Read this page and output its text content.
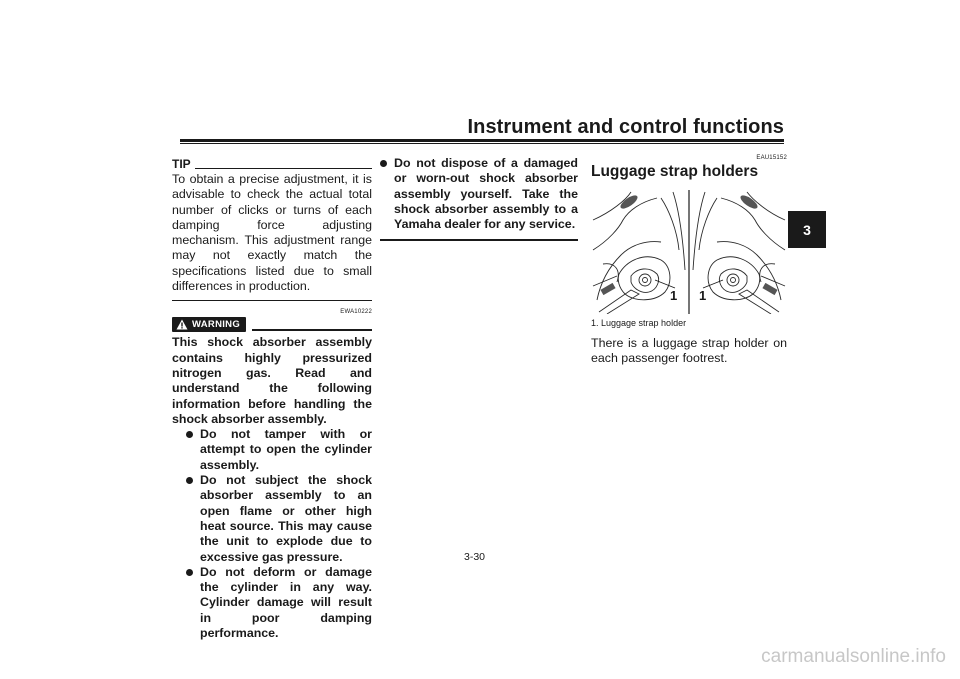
Instrument and control functions
3
TIP
To obtain a precise adjustment, it is advisable to check the actual total number of clicks or turns of each damping force adjusting mechanism. This adjustment range may not exactly match the specifications listed due to small differences in production.
EWA10222
WARNING
This shock absorber assembly contains highly pressurized nitrogen gas. Read and understand the following information before handling the shock absorber assembly.
Do not tamper with or attempt to open the cylinder assembly.
Do not subject the shock absorber assembly to an open flame or other high heat source. This may cause the unit to explode due to excessive gas pressure.
Do not deform or damage the cylinder in any way. Cylinder damage will result in poor damping performance.
Do not dispose of a damaged or worn-out shock absorber assembly yourself. Take the shock absorber assembly to a Yamaha dealer for any service.
EAU15152
Luggage strap holders
1 1
1. Luggage strap holder
There is a luggage strap holder on each passenger footrest.
3-30
carmanualsonline.info
